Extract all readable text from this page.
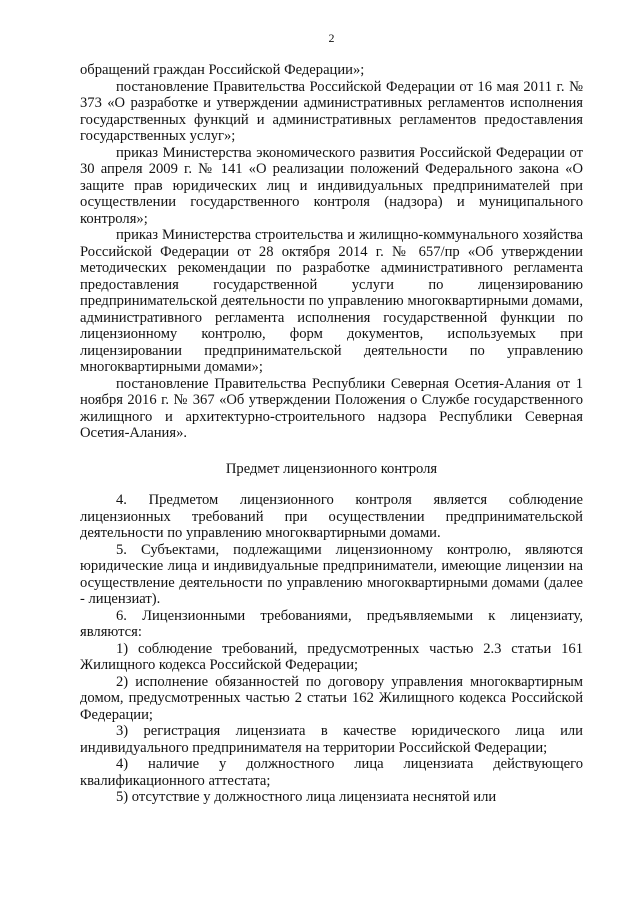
2

обращений граждан Российской Федерации»;

постановление Правительства Российской Федерации от 16 мая 2011 г. № 373 «О разработке и утверждении административных регламентов исполнения государственных функций и административных регламентов предоставления государственных услуг»;

приказ Министерства экономического развития Российской Федерации от 30 апреля 2009 г. № 141 «О реализации положений Федерального закона «О защите прав юридических лиц и индивидуальных предпринимателей при осуществлении государственного контроля (надзора) и муниципального контроля»;

приказ Министерства строительства и жилищно-коммунального хозяйства Российской Федерации от 28 октября 2014 г. № 657/пр «Об утверждении методических рекомендации по разработке административного регламента предоставления государственной услуги по лицензированию предпринимательской деятельности по управлению многоквартирными домами, административного регламента исполнения государственной функции по лицензионному контролю, форм документов, используемых при лицензировании предпринимательской деятельности по управлению многоквартирными домами»;

постановление Правительства Республики Северная Осетия-Алания от 1 ноября 2016 г. № 367 «Об утверждении Положения о Службе государственного жилищного и архитектурно-строительного надзора Республики Северная Осетия-Алания».

Предмет лицензионного контроля

4. Предметом лицензионного контроля является соблюдение лицензионных требований при осуществлении предпринимательской деятельности по управлению многоквартирными домами.

5. Субъектами, подлежащими лицензионному контролю, являются юридические лица и индивидуальные предприниматели, имеющие лицензии на осуществление деятельности по управлению многоквартирными домами (далее - лицензиат).

6. Лицензионными требованиями, предъявляемыми к лицензиату, являются:

1) соблюдение требований, предусмотренных частью 2.3 статьи 161 Жилищного кодекса Российской Федерации;

2) исполнение обязанностей по договору управления многоквартирным домом, предусмотренных частью 2 статьи 162 Жилищного кодекса Российской Федерации;

3) регистрация лицензиата в качестве юридического лица или индивидуального предпринимателя на территории Российской Федерации;

4) наличие у должностного лица лицензиата действующего квалификационного аттестата;

5) отсутствие у должностного лица лицензиата неснятой или
